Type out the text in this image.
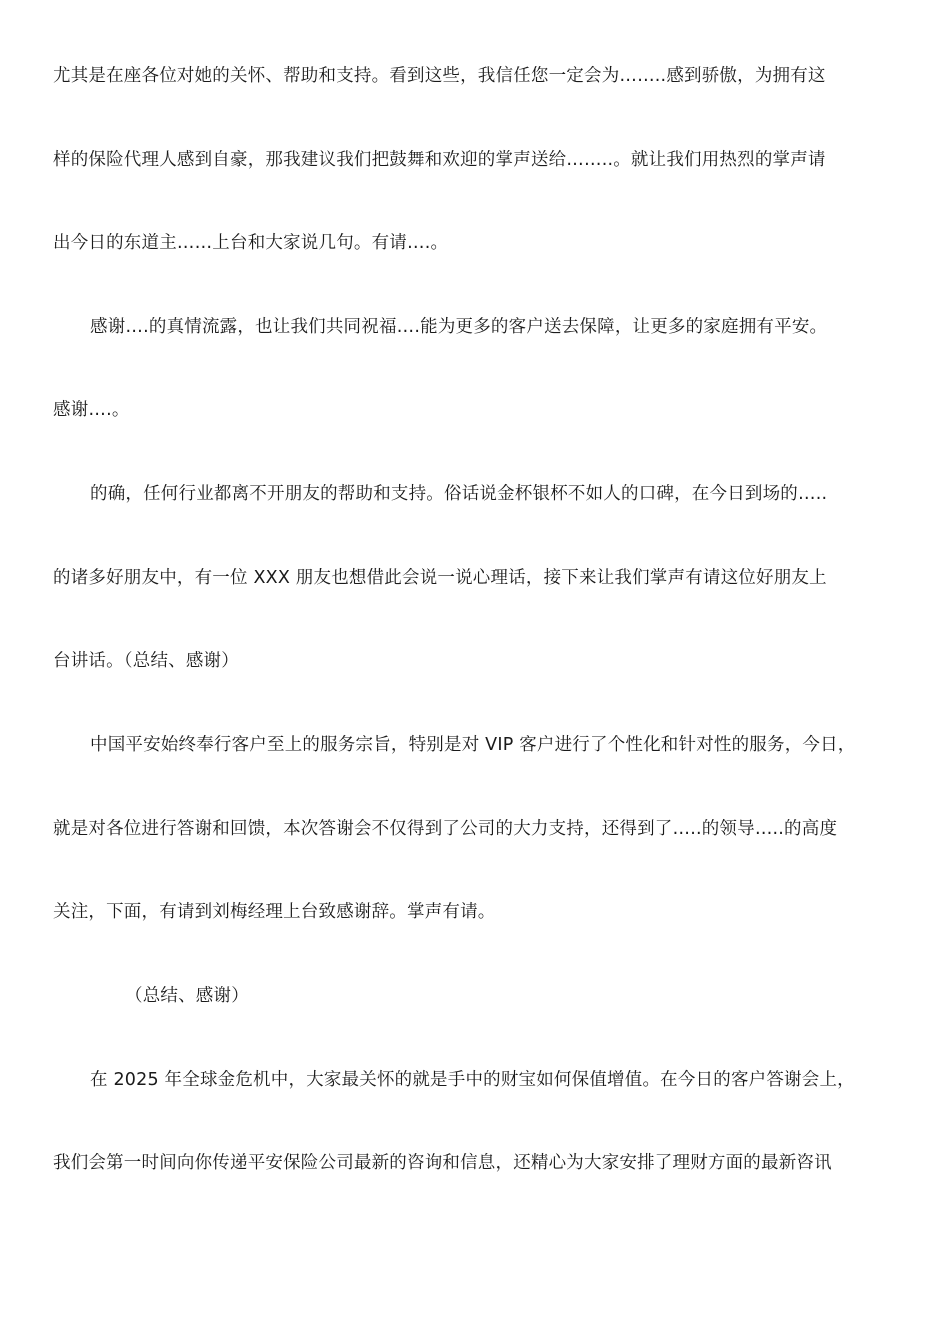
尤其是在座各位对她的关怀、帮助和支持。看到这些，我信任您一定会为……..感到骄傲，为拥有这
样的保险代理人感到自豪，那我建议我们把鼓舞和欢迎的掌声送给……..。就让我们用热烈的掌声请
出今日的东道主……上台和大家说几句。有请….。
感谢….的真情流露，也让我们共同祝福….能为更多的客户送去保障，让更多的家庭拥有平安。
感谢….。
的确，任何行业都离不开朋友的帮助和支持。俗话说金杯银杯不如人的口碑，在今日到场的…..
的诸多好朋友中，有一位 XXX 朋友也想借此会说一说心理话，接下来让我们掌声有请这位好朋友上
台讲话。（总结、感谢）
中国平安始终奉行客户至上的服务宗旨，特别是对 VIP 客户进行了个性化和针对性的服务，今日，
就是对各位进行答谢和回馈，本次答谢会不仅得到了公司的大力支持，还得到了…..的领导…..的高度
关注，下面，有请到刘梅经理上台致感谢辞。掌声有请。
（总结、感谢）
在 2025 年全球金危机中，大家最关怀的就是手中的财宝如何保值增值。在今日的客户答谢会上，
我们会第一时间向你传递平安保险公司最新的咨询和信息，还精心为大家安排了理财方面的最新咨讯
